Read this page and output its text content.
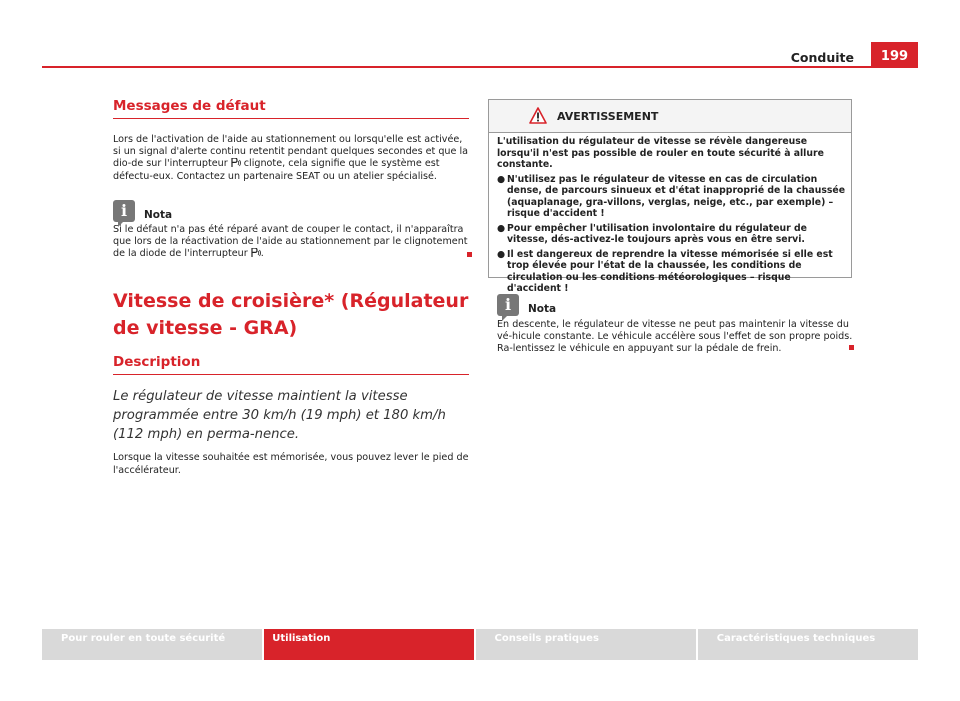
Conduite	199
Messages de défaut

Lors de l'activation de l'aide au stationnement ou lorsqu'elle est activée, si un signal d'alerte continu retentit pendant quelques secondes et que la dio-de sur l'interrupteur  clignote, cela signifie que le système est défectu-eux. Contactez un partenaire SEAT ou un atelier spécialisé.

i	Nota

Si le défaut n'a pas été réparé avant de couper le contact, il n'apparaîtra que lors de la réactivation de l'aide au stationnement par le clignotement de la diode de l'interrupteur .

Vitesse de croisière* (Régulateur de vitesse - GRA)
Description

Le régulateur de vitesse maintient la vitesse programmée entre 30 km/h (19 mph) et 180 km/h (112 mph) en perma-nence.

Lorsque la vitesse souhaitée est mémorisée, vous pouvez lever le pied de l'accélérateur.

AVERTISSEMENT

L'utilisation du régulateur de vitesse se révèle dangereuse lorsqu'il n'est pas possible de rouler en toute sécurité à allure constante.

● N'utilisez pas le régulateur de vitesse en cas de circulation dense, de parcours sinueux et d'état inapproprié de la chaussée (aquaplanage, gra-villons, verglas, neige, etc., par exemple) – risque d'accident !

● Pour empêcher l'utilisation involontaire du régulateur de vitesse, dés-activez-le toujours après vous en être servi.

● Il est dangereux de reprendre la vitesse mémorisée si elle est trop élevée pour l'état de la chaussée, les conditions de circulation ou les conditions météorologiques – risque d'accident !

i	Nota

En descente, le régulateur de vitesse ne peut pas maintenir la vitesse du vé-hicule constante. Le véhicule accélère sous l'effet de son propre poids. Ra-lentissez le véhicule en appuyant sur la pédale de frein.

Pour rouler en toute sécurité	Utilisation	Conseils pratiques	Caractéristiques techniques
